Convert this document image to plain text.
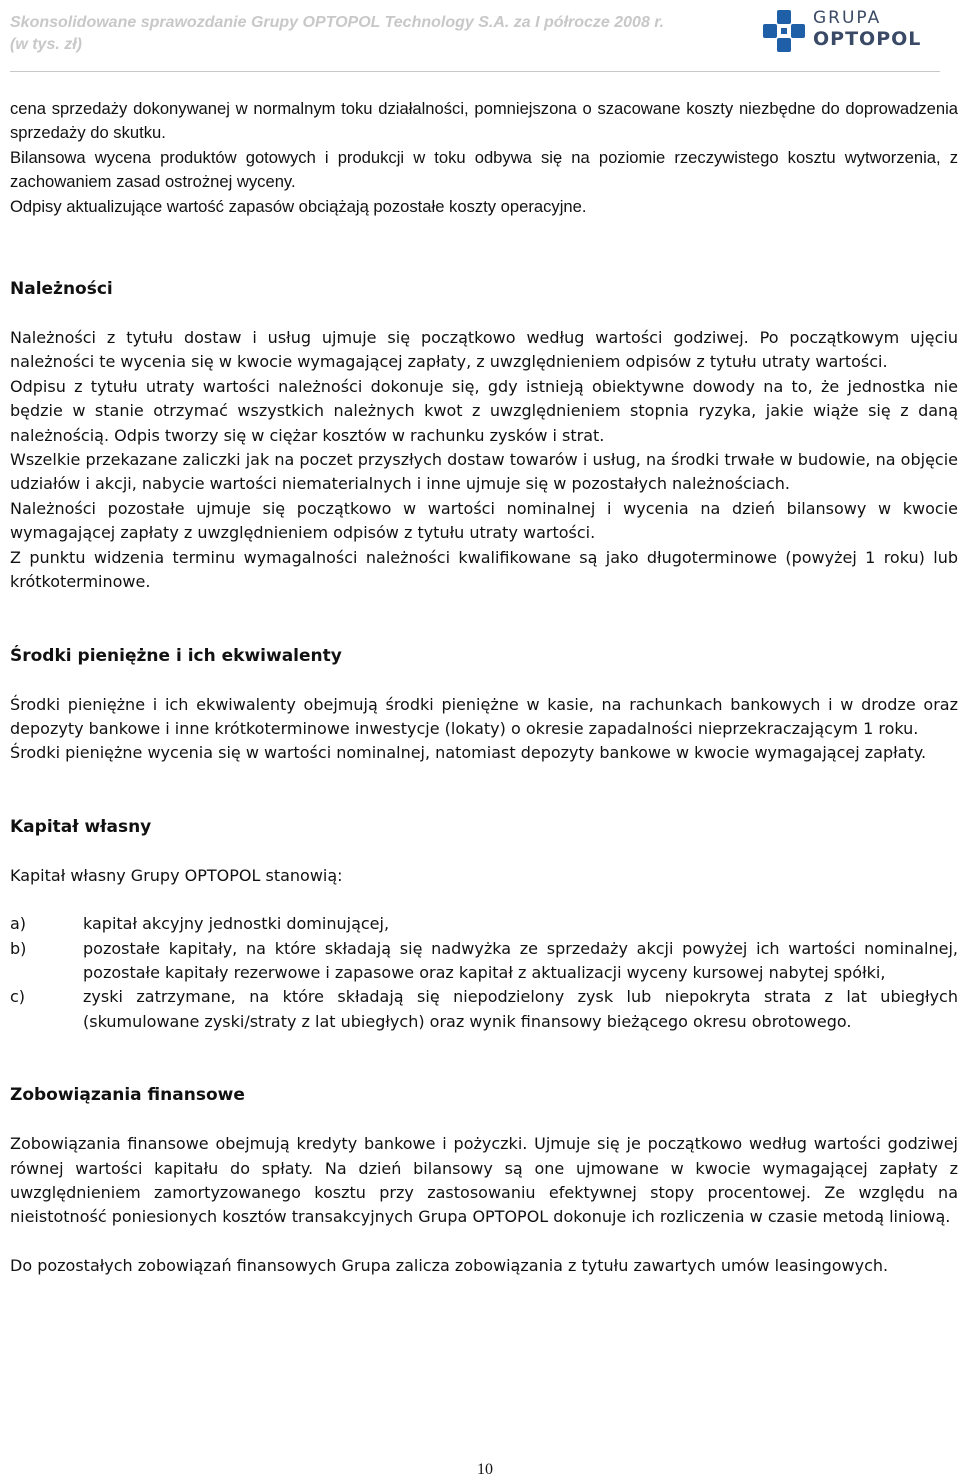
Skonsolidowane sprawozdanie Grupy OPTOPOL Technology S.A. za I półrocze 2008 r.
(w tys. zł)
GRUPA
OPTOPOL

cena sprzedaży dokonywanej w normalnym toku działalności, pomniejszona o szacowane koszty niezbędne do doprowadzenia sprzedaży do skutku.

Bilansowa wycena produktów gotowych i produkcji w toku odbywa się na poziomie rzeczywistego kosztu wytworzenia, z zachowaniem zasad ostrożnej wyceny.

Odpisy aktualizujące wartość zapasów obciążają pozostałe koszty operacyjne.

Należności

Należności z tytułu dostaw i usług ujmuje się początkowo według wartości godziwej. Po początkowym ujęciu należności te wycenia się w kwocie wymagającej zapłaty, z uwzględnieniem odpisów z tytułu utraty wartości.

Odpisu z tytułu utraty wartości należności dokonuje się, gdy istnieją obiektywne dowody na to, że jednostka nie będzie w stanie otrzymać wszystkich należnych kwot z uwzględnieniem stopnia ryzyka, jakie wiąże się z daną należnością. Odpis tworzy się w ciężar kosztów w rachunku zysków i strat.

Wszelkie przekazane zaliczki jak na poczet przyszłych dostaw towarów i usług, na środki trwałe w budowie, na objęcie udziałów i akcji, nabycie wartości niematerialnych i inne ujmuje się w pozostałych należnościach.

Należności pozostałe ujmuje się początkowo w wartości nominalnej i wycenia na dzień bilansowy w kwocie wymagającej zapłaty z uwzględnieniem odpisów z tytułu utraty wartości.

Z punktu widzenia terminu wymagalności należności kwalifikowane są jako długoterminowe (powyżej 1 roku) lub krótkoterminowe.

Środki pieniężne i ich ekwiwalenty

Środki pieniężne i ich ekwiwalenty obejmują środki pieniężne w kasie, na rachunkach bankowych i w drodze oraz depozyty bankowe i inne krótkoterminowe inwestycje (lokaty) o okresie zapadalności nieprzekraczającym 1 roku.

Środki pieniężne wycenia się w wartości nominalnej, natomiast depozyty bankowe w kwocie wymagającej zapłaty.

Kapitał własny

Kapitał własny Grupy OPTOPOL stanowią:

a)	kapitał akcyjny jednostki dominującej,
b)	pozostałe kapitały, na które składają się nadwyżka ze sprzedaży akcji powyżej ich wartości nominalnej, pozostałe kapitały rezerwowe i zapasowe oraz kapitał z aktualizacji wyceny kursowej nabytej spółki,
c)	zyski zatrzymane, na które składają się niepodzielony zysk lub niepokryta strata z lat ubiegłych (skumulowane zyski/straty z lat ubiegłych) oraz wynik finansowy bieżącego okresu obrotowego.
Zobowiązania finansowe

Zobowiązania finansowe obejmują kredyty bankowe i pożyczki. Ujmuje się je początkowo według wartości godziwej równej wartości kapitału do spłaty. Na dzień bilansowy są one ujmowane w kwocie wymagającej zapłaty z uwzględnieniem zamortyzowanego kosztu przy zastosowaniu efektywnej stopy procentowej. Ze względu na nieistotność poniesionych kosztów transakcyjnych Grupa OPTOPOL dokonuje ich rozliczenia w czasie metodą liniową.

Do pozostałych zobowiązań finansowych Grupa zalicza zobowiązania z tytułu zawartych umów leasingowych.

10
